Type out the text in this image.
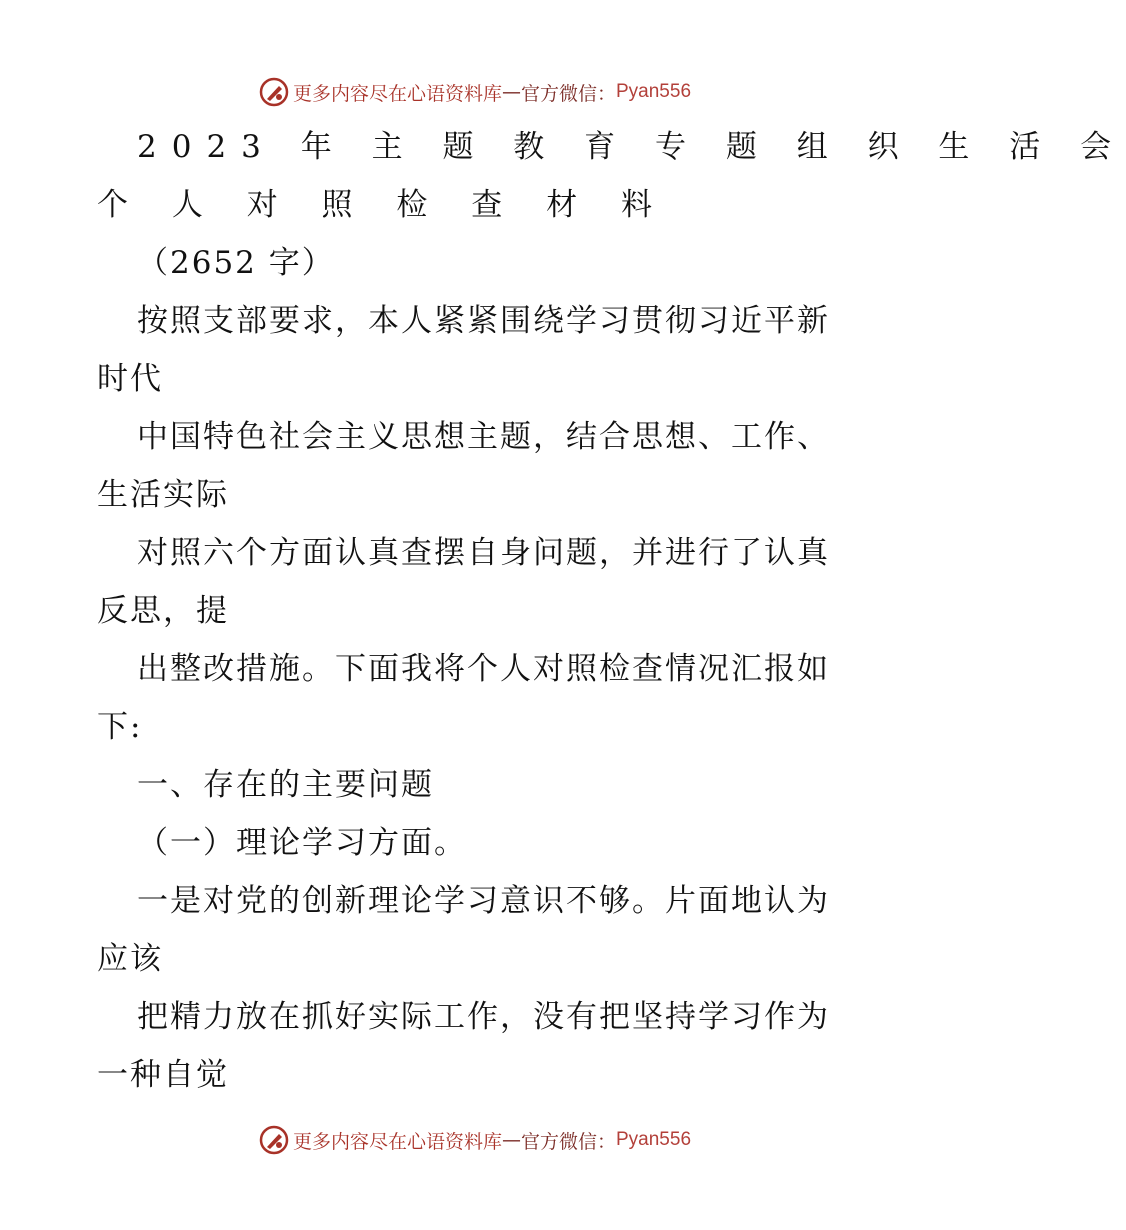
更多内容尽在心语资料库 — 官方微信： Pyan556
2023 年 主 题 教 育 专 题 组 织 生 活 会
个 人 对 照 检 查 材 料
（2652 字）
按照支部要求，本人紧紧围绕学习贯彻习近平新
时代
中国特色社会主义思想主题，结合思想、工作、
生活实际
对照六个方面认真查摆自身问题，并进行了认真
反思，提
出整改措施。下面我将个人对照检查情况汇报如
下:
一、存在的主要问题
（一）理论学习方面。
一是对党的创新理论学习意识不够。片面地认为
应该
把精力放在抓好实际工作，没有把坚持学习作为
一种自觉
更多内容尽在心语资料库 — 官方微信： Pyan556
